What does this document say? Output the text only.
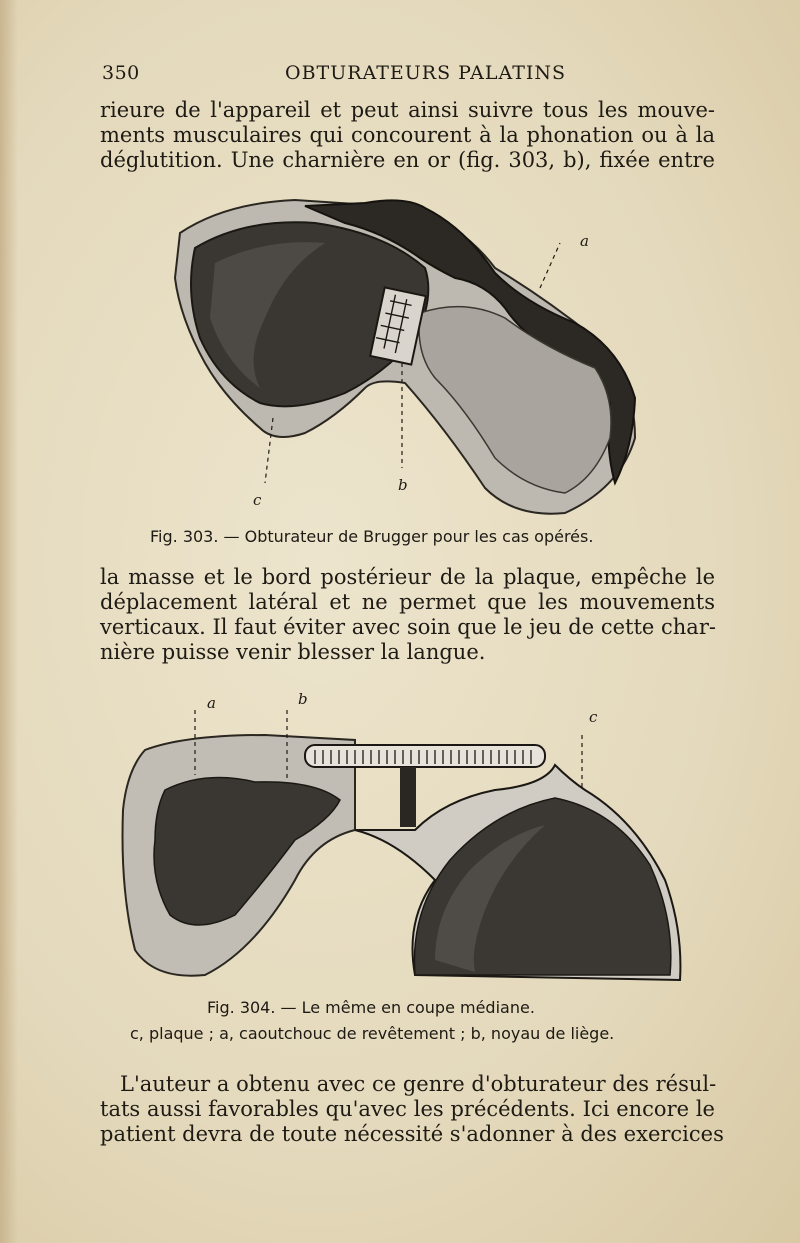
350	OBTURATEURS PALATINS
rieure de l'appareil et peut ainsi suivre tous les mouve-
ments musculaires qui concourent à la phonation ou à la
déglutition. Une charnière en or (fig. 303, b), fixée entre
a
b
c
Fig. 303. — Obturateur de Brugger pour les cas opérés.
la masse et le bord postérieur de la plaque, empêche le
déplacement latéral et ne permet que les mouvements
verticaux. Il faut éviter avec soin que le jeu de cette char-
nière puisse venir blesser la langue.
a	b
c
Fig. 304. — Le même en coupe médiane.
c, plaque ; a, caoutchouc de revêtement ; b, noyau de liège.
L'auteur a obtenu avec ce genre d'obturateur des résul-
tats aussi favorables qu'avec les précédents. Ici encore le
patient devra de toute nécessité s'adonner à des exercices
